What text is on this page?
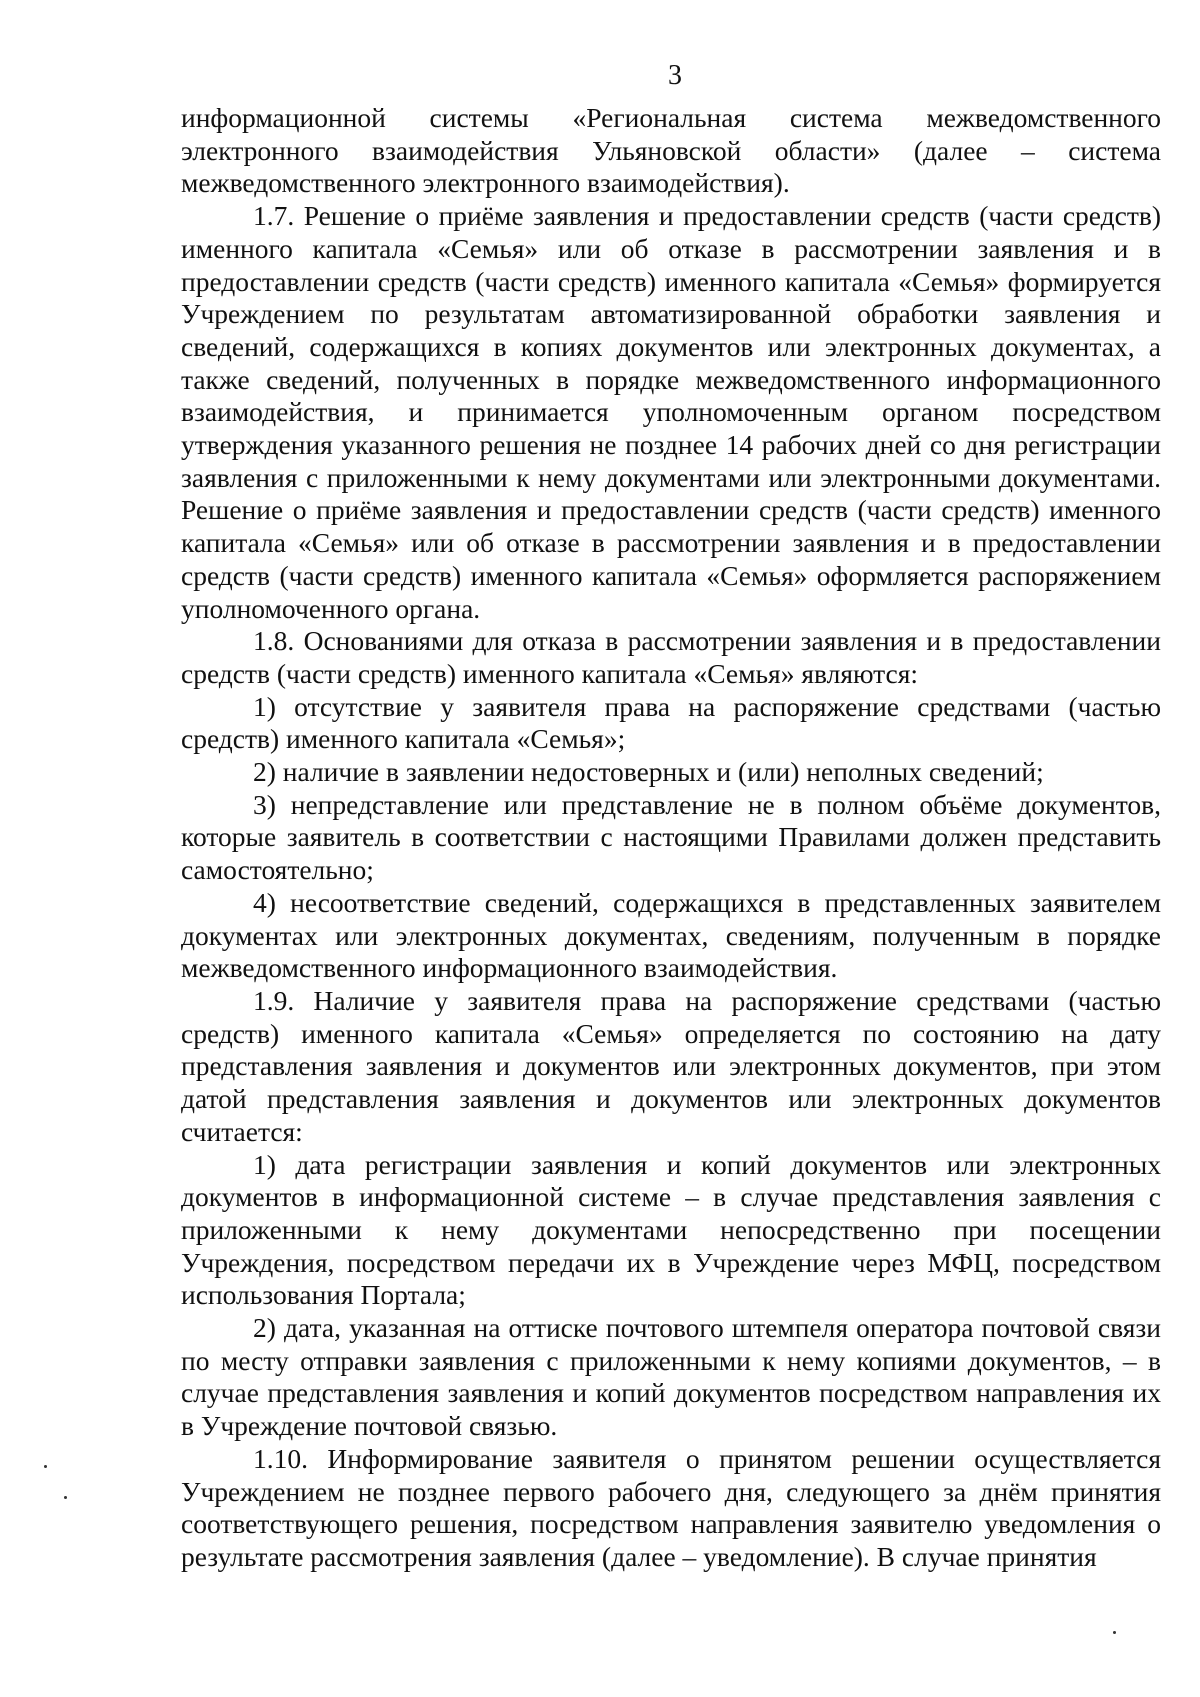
3

информационной системы «Региональная система межведомственного электронного взаимодействия Ульяновской области» (далее – система межведомственного электронного взаимодействия).

1.7. Решение о приёме заявления и предоставлении средств (части средств) именного капитала «Семья» или об отказе в рассмотрении заявления и в предоставлении средств (части средств) именного капитала «Семья» формируется Учреждением по результатам автоматизированной обработки заявления и сведений, содержащихся в копиях документов или электронных документах, а также сведений, полученных в порядке межведомственного информационного взаимодействия, и принимается уполномоченным органом посредством утверждения указанного решения не позднее 14 рабочих дней со дня регистрации заявления с приложенными к нему документами или электронными документами. Решение о приёме заявления и предоставлении средств (части средств) именного капитала «Семья» или об отказе в рассмотрении заявления и в предоставлении средств (части средств) именного капитала «Семья» оформляется распоряжением уполномоченного органа.

1.8. Основаниями для отказа в рассмотрении заявления и в предоставлении средств (части средств) именного капитала «Семья» являются:

1) отсутствие у заявителя права на распоряжение средствами (частью средств) именного капитала «Семья»;

2) наличие в заявлении недостоверных и (или) неполных сведений;

3) непредставление или представление не в полном объёме документов, которые заявитель в соответствии с настоящими Правилами должен представить самостоятельно;

4) несоответствие сведений, содержащихся в представленных заявителем документах или электронных документах, сведениям, полученным в порядке межведомственного информационного взаимодействия.

1.9. Наличие у заявителя права на распоряжение средствами (частью средств) именного капитала «Семья» определяется по состоянию на дату представления заявления и документов или электронных документов, при этом датой представления заявления и документов или электронных документов считается:

1) дата регистрации заявления и копий документов или электронных документов в информационной системе – в случае представления заявления с приложенными к нему документами непосредственно при посещении Учреждения, посредством передачи их в Учреждение через МФЦ, посредством использования Портала;

2) дата, указанная на оттиске почтового штемпеля оператора почтовой связи по месту отправки заявления с приложенными к нему копиями документов, – в случае представления заявления и копий документов посредством направления их в Учреждение почтовой связью.

1.10. Информирование заявителя о принятом решении осуществляется Учреждением не позднее первого рабочего дня, следующего за днём принятия соответствующего решения, посредством направления заявителю уведомления о результате рассмотрения заявления (далее – уведомление). В случае принятия
